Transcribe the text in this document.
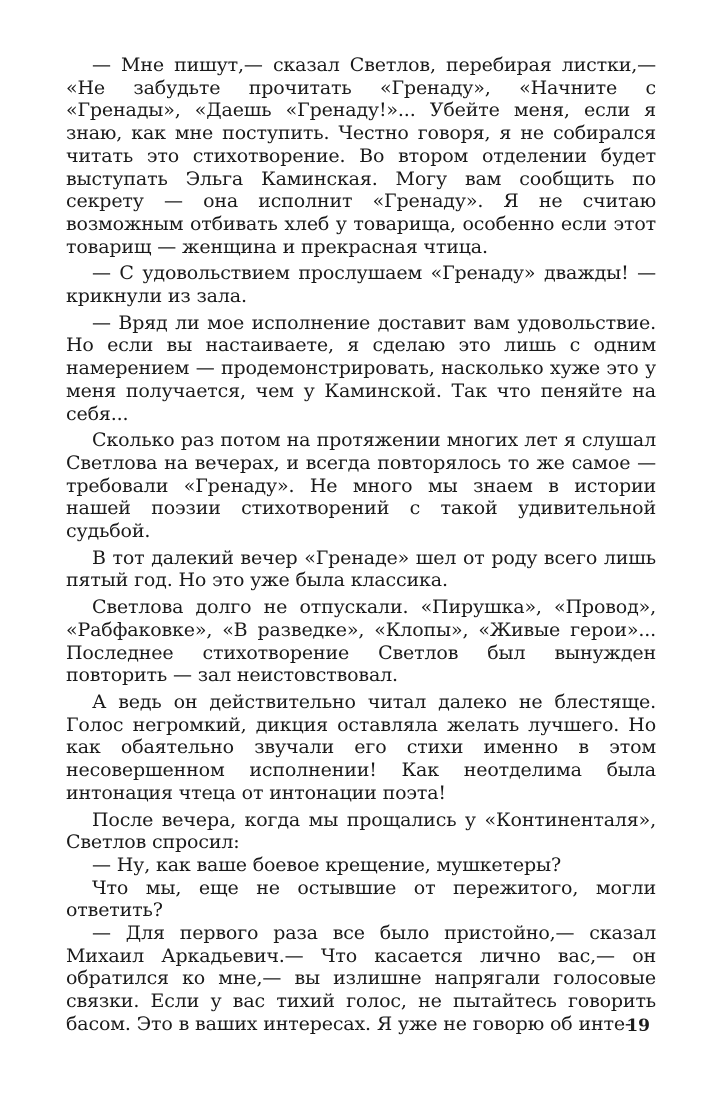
— Мне пишут,— сказал Светлов, перебирая листки,— «Не забудьте прочитать «Гренаду», «Начните с «Гренады», «Даешь «Гренаду!»... Убейте меня, если я знаю, как мне поступить. Честно говоря, я не собирался читать это стихотворение. Во втором отделении будет выступать Эльга Каминская. Могу вам сообщить по секрету — она исполнит «Гренаду». Я не считаю возможным отбивать хлеб у товарища, особенно если этот товарищ — женщина и прекрасная чтица.

— С удовольствием прослушаем «Гренаду» дважды! — крикнули из зала.

— Вряд ли мое исполнение доставит вам удовольствие. Но если вы настаиваете, я сделаю это лишь с одним намерением — продемонстрировать, насколько хуже это у меня получается, чем у Каминской. Так что пеняйте на себя...

Сколько раз потом на протяжении многих лет я слушал Светлова на вечерах, и всегда повторялось то же самое — требовали «Гренаду». Не много мы знаем в истории нашей поэзии стихотворений с такой удивительной судьбой.

В тот далекий вечер «Гренаде» шел от роду всего лишь пятый год. Но это уже была классика.

Светлова долго не отпускали. «Пирушка», «Провод», «Рабфаковке», «В разведке», «Клопы», «Живые герои»... Последнее стихотворение Светлов был вынужден повторить — зал неистовствовал.

А ведь он действительно читал далеко не блестяще. Голос негромкий, дикция оставляла желать лучшего. Но как обаятельно звучали его стихи именно в этом несовершенном исполнении! Как неотделима была интонация чтеца от интонации поэта!

После вечера, когда мы прощались у «Континенталя», Светлов спросил:

— Ну, как ваше боевое крещение, мушкетеры?

Что мы, еще не остывшие от пережитого, могли ответить?

— Для первого раза все было пристойно,— сказал Михаил Аркадьевич.— Что касается лично вас,— он обратился ко мне,— вы излишне напрягали голосовые связки. Если у вас тихий голос, не пытайтесь говорить басом. Это в ваших интересах. Я уже не говорю об инте-

19
